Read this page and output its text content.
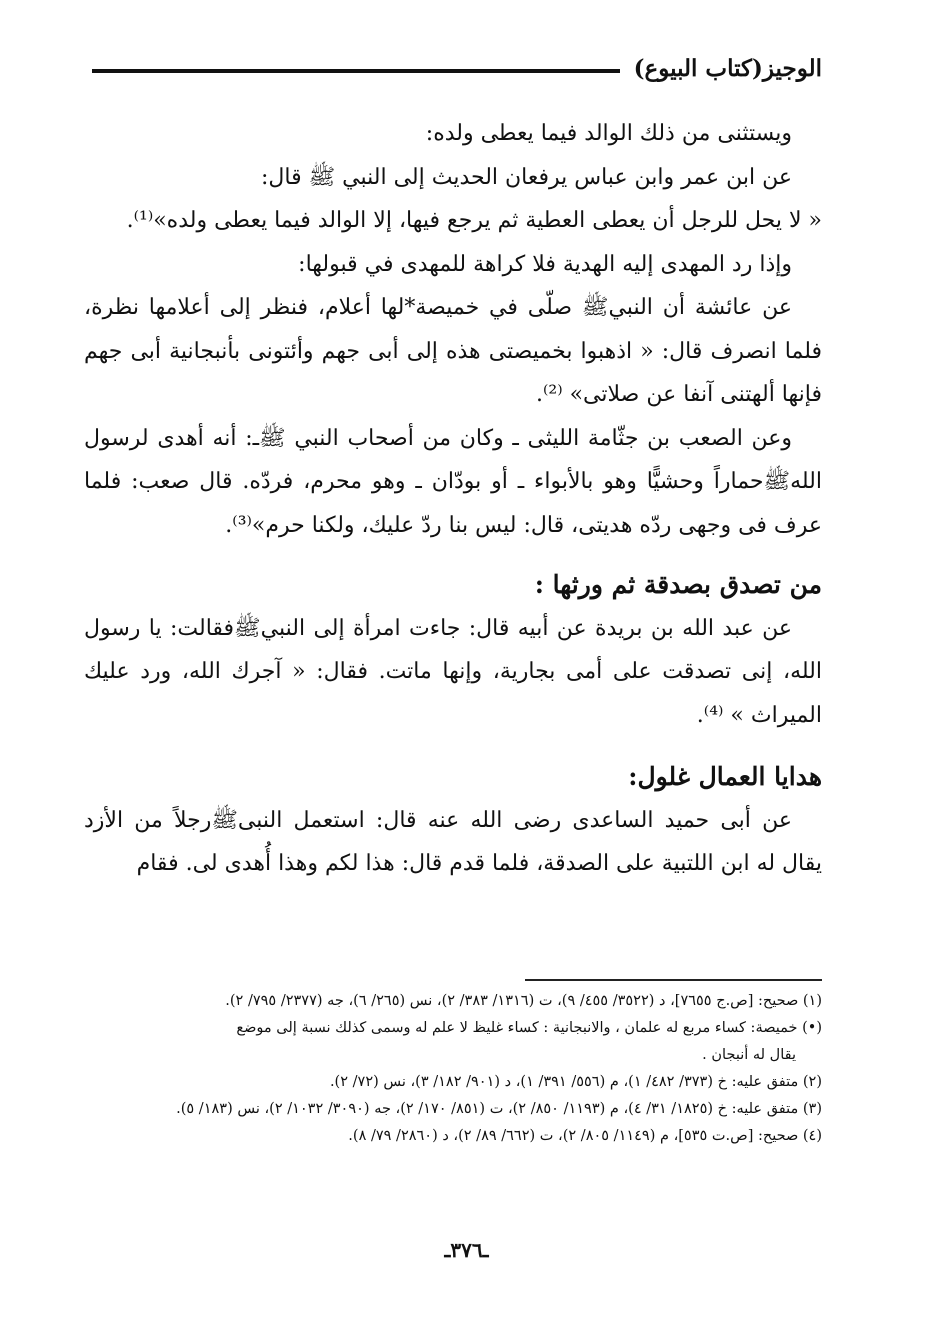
الوجيز(كتاب البيوع)

ويستثنى من ذلك الوالد فيما يعطى ولده:

عن ابن عمر وابن عباس يرفعان الحديث إلى النبي ﷺ قال:

« لا يحل للرجل أن يعطى العطية ثم يرجع فيها، إلا الوالد فيما يعطى ولده»⁽¹⁾.

وإذا رد المهدى إليه الهدية فلا كراهة للمهدى في قبولها:

عن عائشة أن النبيﷺ صلّى في خميصة*لها أعلام، فنظر إلى أعلامها نظرة، فلما انصرف قال: « اذهبوا بخميصتى هذه إلى أبى جهم وأئتونى بأنبجانية أبى جهم فإنها ألهتنى آنفا عن صلاتى» ⁽²⁾.

وعن الصعب بن جثّامة الليثى ـ وكان من أصحاب النبي ﷺـ: أنه أهدى لرسول اللهﷺحماراً وحشيًّا وهو بالأبواء ـ أو بودّان ـ وهو محرم، فردّه. قال صعب: فلما عرف فى وجهى ردّه هديتى، قال: ليس بنا ردّ عليك، ولكنا حرم»⁽³⁾.

من تصدق بصدقة ثم ورثها :

عن عبد الله بن بريدة عن أبيه قال: جاءت امرأة إلى النبيﷺفقالت: يا رسول الله، إنى تصدقت على أمى بجارية، وإنها ماتت. فقال: « آجرك الله، ورد عليك الميراث » ⁽⁴⁾.

هدايا العمال غلول:

عن أبى حميد الساعدى رضى الله عنه قال: استعمل النبىﷺرجلاً من الأزد يقال له ابن اللتبية على الصدقة، فلما قدم قال: هذا لكم وهذا أُهدى لى. فقام

(١) صحيح: [ص.ج ٧٦٥٥]، د (٣٥٢٢/ ٤٥٥/ ٩)، ت (١٣١٦/ ٣٨٣/ ٢)، نس (٢٦٥/ ٦)، جه (٢٣٧٧/ ٧٩٥/ ٢).

(•) خميصة: كساء مربع له علمان ، والانبجانية : كساء غليظ لا علم له وسمى كذلك نسبة إلى موضع

يقال له أنبجان .

(٢) متفق عليه: خ (٣٧٣/ ٤٨٢/ ١)، م (٥٥٦/ ٣٩١/ ١)، د (٩٠١/ ١٨٢/ ٣)، نس (٧٢/ ٢).

(٣) متفق عليه: خ (١٨٢٥/ ٣١/ ٤)، م (١١٩٣/ ٨٥٠/ ٢)، ت (٨٥١/ ١٧٠/ ٢)، جه (٣٠٩٠/ ١٠٣٢/ ٢)، نس (١٨٣/ ٥).

(٤) صحيح: [ص.ت ٥٣٥]، م (١١٤٩/ ٨٠٥/ ٢)، ت (٦٦٢/ ٨٩/ ٢)، د (٢٨٦٠/ ٧٩/ ٨).

ـ٣٧٦ـ
